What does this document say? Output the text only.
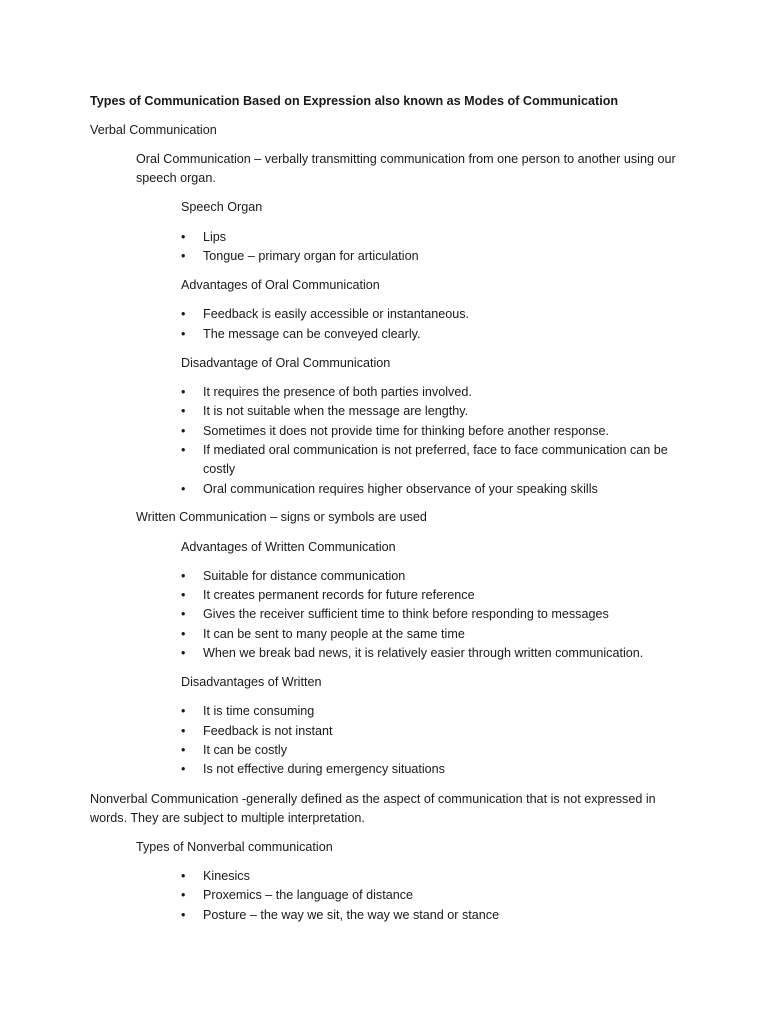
Types of Communication Based on Expression also known as Modes of Communication
Verbal Communication
Oral Communication – verbally transmitting communication from one person to another using our speech organ.
Speech Organ
• Lips
• Tongue – primary organ for articulation
Advantages of Oral Communication
• Feedback is easily accessible or instantaneous.
• The message can be conveyed clearly.
Disadvantage of Oral Communication
• It requires the presence of both parties involved.
• It is not suitable when the message are lengthy.
• Sometimes it does not provide time for thinking before another response.
• If mediated oral communication is not preferred, face to face communication can be costly
• Oral communication requires higher observance of your speaking skills
Written Communication – signs or symbols are used
Advantages of Written Communication
• Suitable for distance communication
• It creates permanent records for future reference
• Gives the receiver sufficient time to think before responding to messages
• It can be sent to many people at the same time
• When we break bad news, it is relatively easier through written communication.
Disadvantages of Written
• It is time consuming
• Feedback is not instant
• It can be costly
• Is not effective during emergency situations
Nonverbal Communication -generally defined as the aspect of communication that is not expressed in words. They are subject to multiple interpretation.
Types of Nonverbal communication
• Kinesics
• Proxemics – the language of distance
• Posture – the way we sit, the way we stand or stance
